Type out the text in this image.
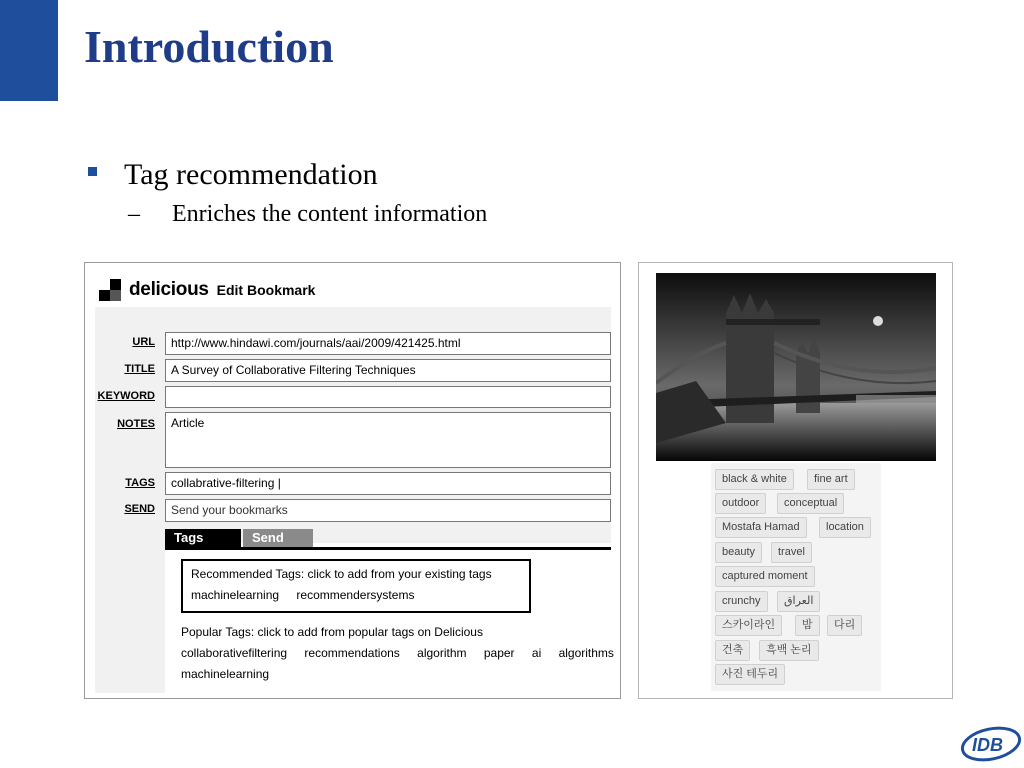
Introduction
Tag recommendation
– Enriches the content information
delicious Edit Bookmark
URL	http://www.hindawi.com/journals/aai/2009/421425.html
TITLE	A Survey of Collaborative Filtering Techniques
KEYWORD
NOTES	Article
TAGS	collabrative-filtering |
SEND	Send your bookmarks
Tags	Send
Recommended Tags: click to add from your existing tags
machinelearning recommendersystems
Popular Tags: click to add from popular tags on Delicious
collaborativefiltering recommendations algorithm paper ai algorithms
machinelearning
black & white	fine art
outdoor	conceptual
Mostafa Hamad	location
beauty	travel
captured moment
crunchy	العراق
스카이라인	밤	다리
건축	흑백 논리
사진 테두리
IDB
